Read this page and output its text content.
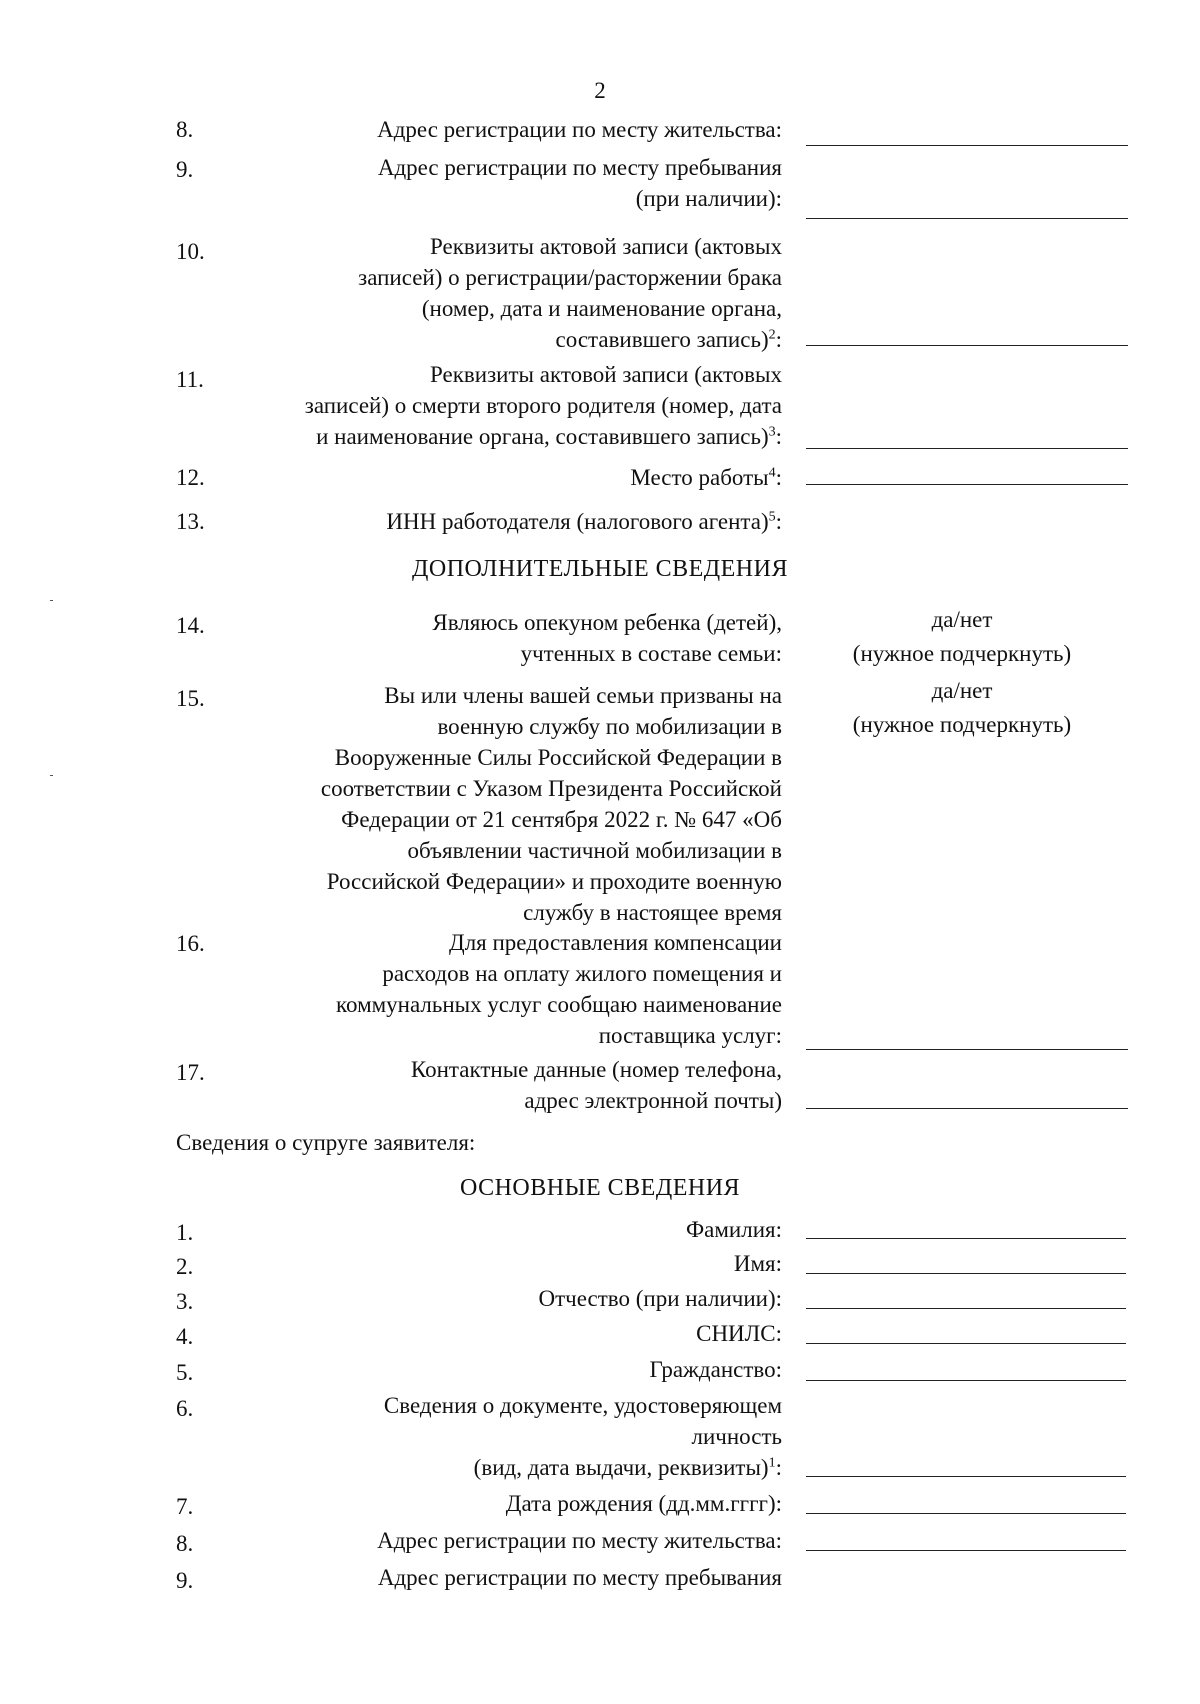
2
8.	Адрес регистрации по месту жительства:
9.	Адрес регистрации по месту пребывания
(при наличии):
10.	Реквизиты актовой записи (актовых
записей) о регистрации/расторжении брака
(номер, дата и наименование органа,
составившего запись)$^2$:
11.	Реквизиты актовой записи (актовых
записей) о смерти второго родителя (номер, дата
и наименование органа, составившего запись)$^3$:
12.	Место работы$^4$:
13.	ИНН работодателя (налогового агента)$^5$:
ДОПОЛНИТЕЛЬНЫЕ СВЕДЕНИЯ
14.	Являюсь опекуном ребенка (детей),
учтенных в составе семьи:
да/нет
(нужное подчеркнуть)
15.	Вы или члены вашей семьи призваны на
военную службу по мобилизации в
Вооруженные Силы Российской Федерации в
соответствии с Указом Президента Российской
Федерации от 21 сентября 2022 г. № 647 «Об
объявлении частичной мобилизации в
Российской Федерации» и проходите военную
службу в настоящее время
да/нет
(нужное подчеркнуть)
16.	Для предоставления компенсации
расходов на оплату жилого помещения и
коммунальных услуг сообщаю наименование
поставщика услуг:
17.	Контактные данные (номер телефона,
адрес электронной почты)
Сведения о супруге заявителя:
ОСНОВНЫЕ СВЕДЕНИЯ
1.	Фамилия:
2.	Имя:
3.	Отчество (при наличии):
4.	СНИЛС:
5.	Гражданство:
6.	Сведения о документе, удостоверяющем
личность
(вид, дата выдачи, реквизиты)$^1$:
7.	Дата рождения (дд.мм.гггг):
8.	Адрес регистрации по месту жительства:
9.	Адрес регистрации по месту пребывания
